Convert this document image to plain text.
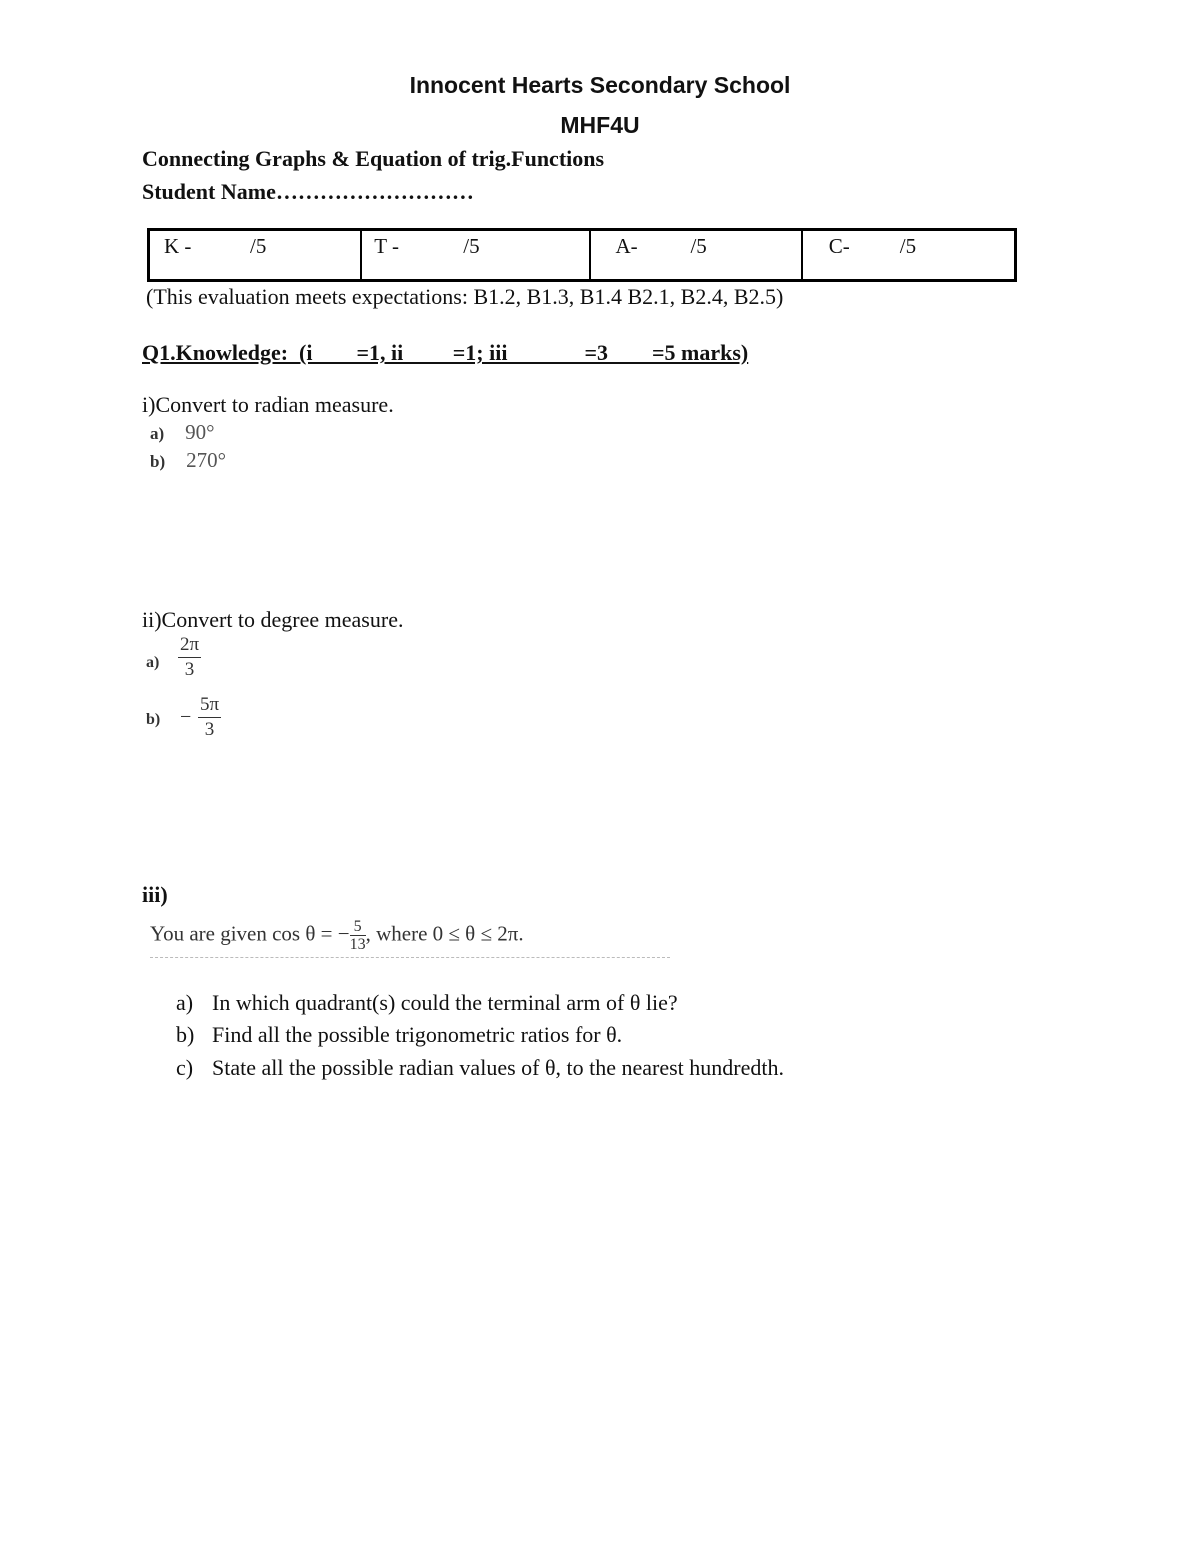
Innocent Hearts Secondary School
MHF4U
Connecting Graphs & Equation of trig.Functions
Student Name………………………
K -	/5	T -	/5	A-	/5	C- /5
(This evaluation meets expectations: B1.2, B1.3, B1.4 B2.1, B2.4, B2.5)
Q1.Knowledge:  (i        =1, ii         =1; iii              =3        =5 marks)
i)Convert to radian measure.
a) 90°
b) 270°
ii)Convert to degree measure.
a)
2π
3
b) −
5π
3
iii)
You are given $\cos \theta = -\frac{5}{13}$, where 0 ≤ θ ≤ 2π.
a) In which quadrant(s) could the terminal arm of θ lie?
b) Find all the possible trigonometric ratios for θ.
c) State all the possible radian values of θ, to the nearest hundredth.
